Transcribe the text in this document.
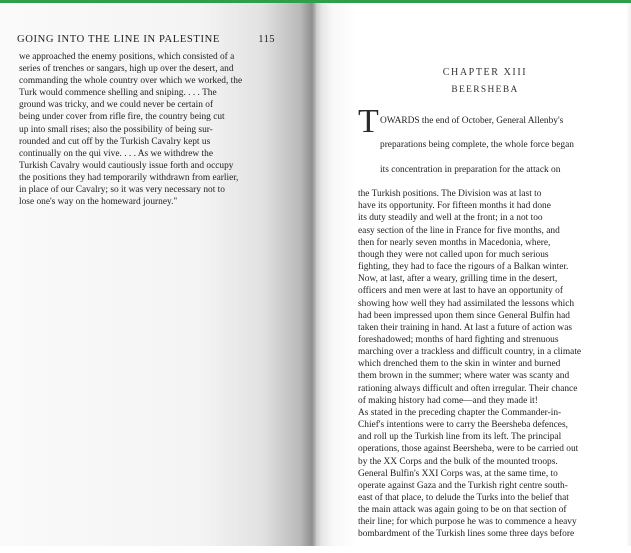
GOING INTO THE LINE IN PALESTINE	115
we approached the enemy positions, which consisted of a
series of trenches or sangars, high up over the desert, and
commanding the whole country over which we worked, the
Turk would commence shelling and sniping. . . . The
ground was tricky, and we could never be certain of
being under cover from rifle fire, the country being cut
up into small rises; also the possibility of being sur-
rounded and cut off by the Turkish Cavalry kept us
continually on the qui vive. . . . As we withdrew the
Turkish Cavalry would cautiously issue forth and occupy
the positions they had temporarily withdrawn from earlier,
in place of our Cavalry; so it was very necessary not to
lose one's way on the homeward journey."
CHAPTER XIII
BEERSHEBA
T OWARDS the end of October, General Allenby's

preparations being complete, the whole force began

its concentration in preparation for the attack on

the Turkish positions. The Division was at last to
have its opportunity. For fifteen months it had done
its duty steadily and well at the front; in a not too
easy section of the line in France for five months, and
then for nearly seven months in Macedonia, where,
though they were not called upon for much serious
fighting, they had to face the rigours of a Balkan winter.
Now, at last, after a weary, grilling time in the desert,
officers and men were at last to have an opportunity of
showing how well they had assimilated the lessons which
had been impressed upon them since General Bulfin had
taken their training in hand. At last a future of action was
foreshadowed; months of hard fighting and strenuous
marching over a trackless and difficult country, in a climate
which drenched them to the skin in winter and burned
them brown in the summer; where water was scanty and
rationing always difficult and often irregular. Their chance
of making history had come—and they made it!

As stated in the preceding chapter the Commander-in-
Chief's intentions were to carry the Beersheba defences,
and roll up the Turkish line from its left. The principal
operations, those against Beersheba, were to be carried out
by the XX Corps and the bulk of the mounted troops.
General Bulfin's XXI Corps was, at the same time, to
operate against Gaza and the Turkish right centre south-
east of that place, to delude the Turks into the belief that
the main attack was again going to be on that section of
their line; for which purpose he was to commence a heavy
bombardment of the Turkish lines some three days before
